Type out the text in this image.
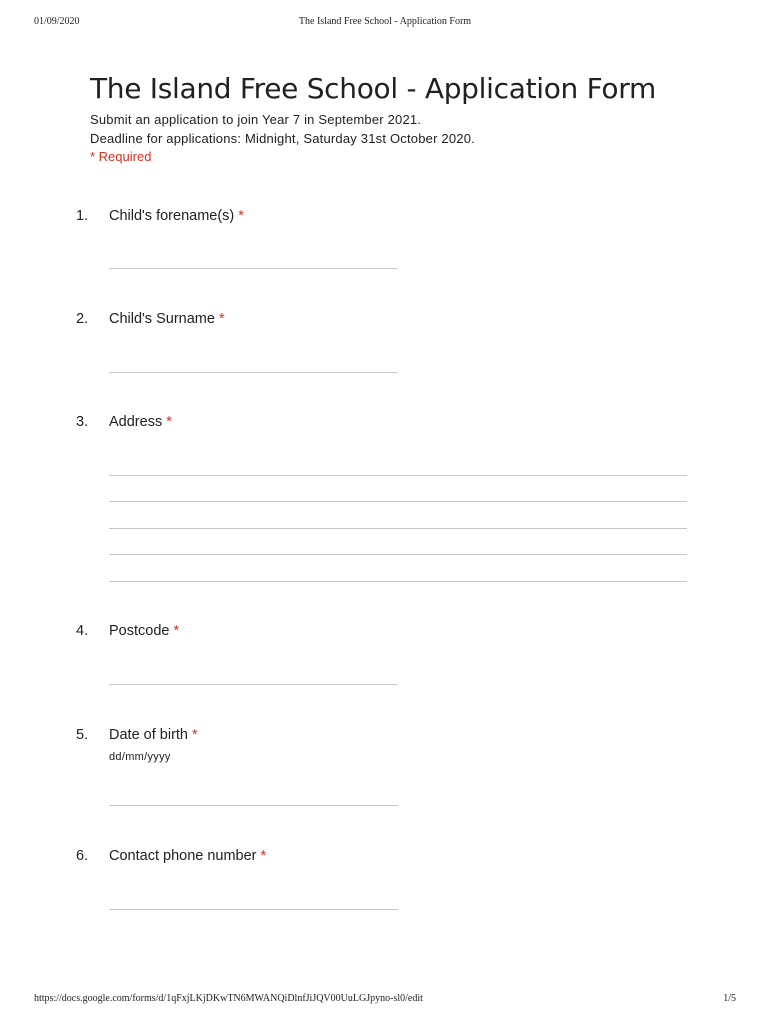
The Island Free School - Application Form
01/09/2020
The Island Free School - Application Form
Submit an application to join Year 7 in September 2021.
Deadline for applications: Midnight, Saturday 31st October 2020.
* Required
1. Child's forename(s) *
2. Child's Surname *
3. Address *
4. Postcode *
5. Date of birth *
dd/mm/yyyy
6. Contact phone number *
https://docs.google.com/forms/d/1qFxjLKjDKwTN6MWANQiDlnfJiJQV00UuLGJpyno-sl0/edit	1/5
